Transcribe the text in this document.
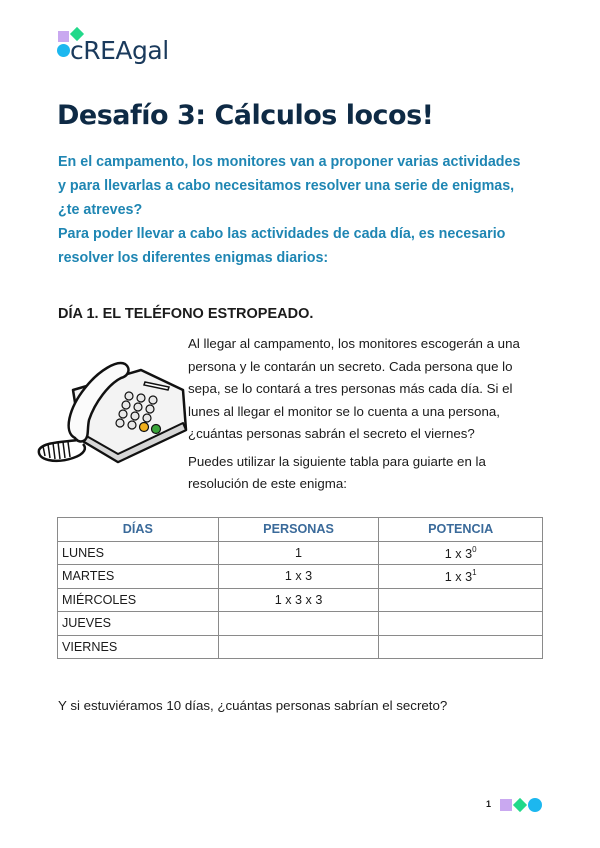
cREAgal
Desafío 3: Cálculos locos!

En el campamento, los monitores van a proponer varias actividades

y para llevarlas a cabo necesitamos resolver una serie de enigmas,

¿te atreves?

Para poder llevar a cabo las actividades de cada día, es necesario

resolver los diferentes enigmas diarios:

DÍA 1. EL TELÉFONO ESTROPEADO.

Al llegar al campamento, los monitores escogerán a una

persona y le contarán un secreto. Cada persona que lo

sepa, se lo contará a tres personas más cada día. Si el

lunes al llegar el monitor se lo cuenta a una persona,

¿cuántas personas sabrán el secreto el viernes?

Puedes utilizar la siguiente tabla para guiarte en la

resolución de este enigma:

DÍAS	PERSONAS	POTENCIA
LUNES	1	1 x $3^0$
MARTES	1 x 3	1 x $3^1$
MIÉRCOLES	1 x 3 x 3	
JUEVES		
VIERNES		

Y si estuviéramos 10 días, ¿cuántas personas sabrían el secreto?

1
